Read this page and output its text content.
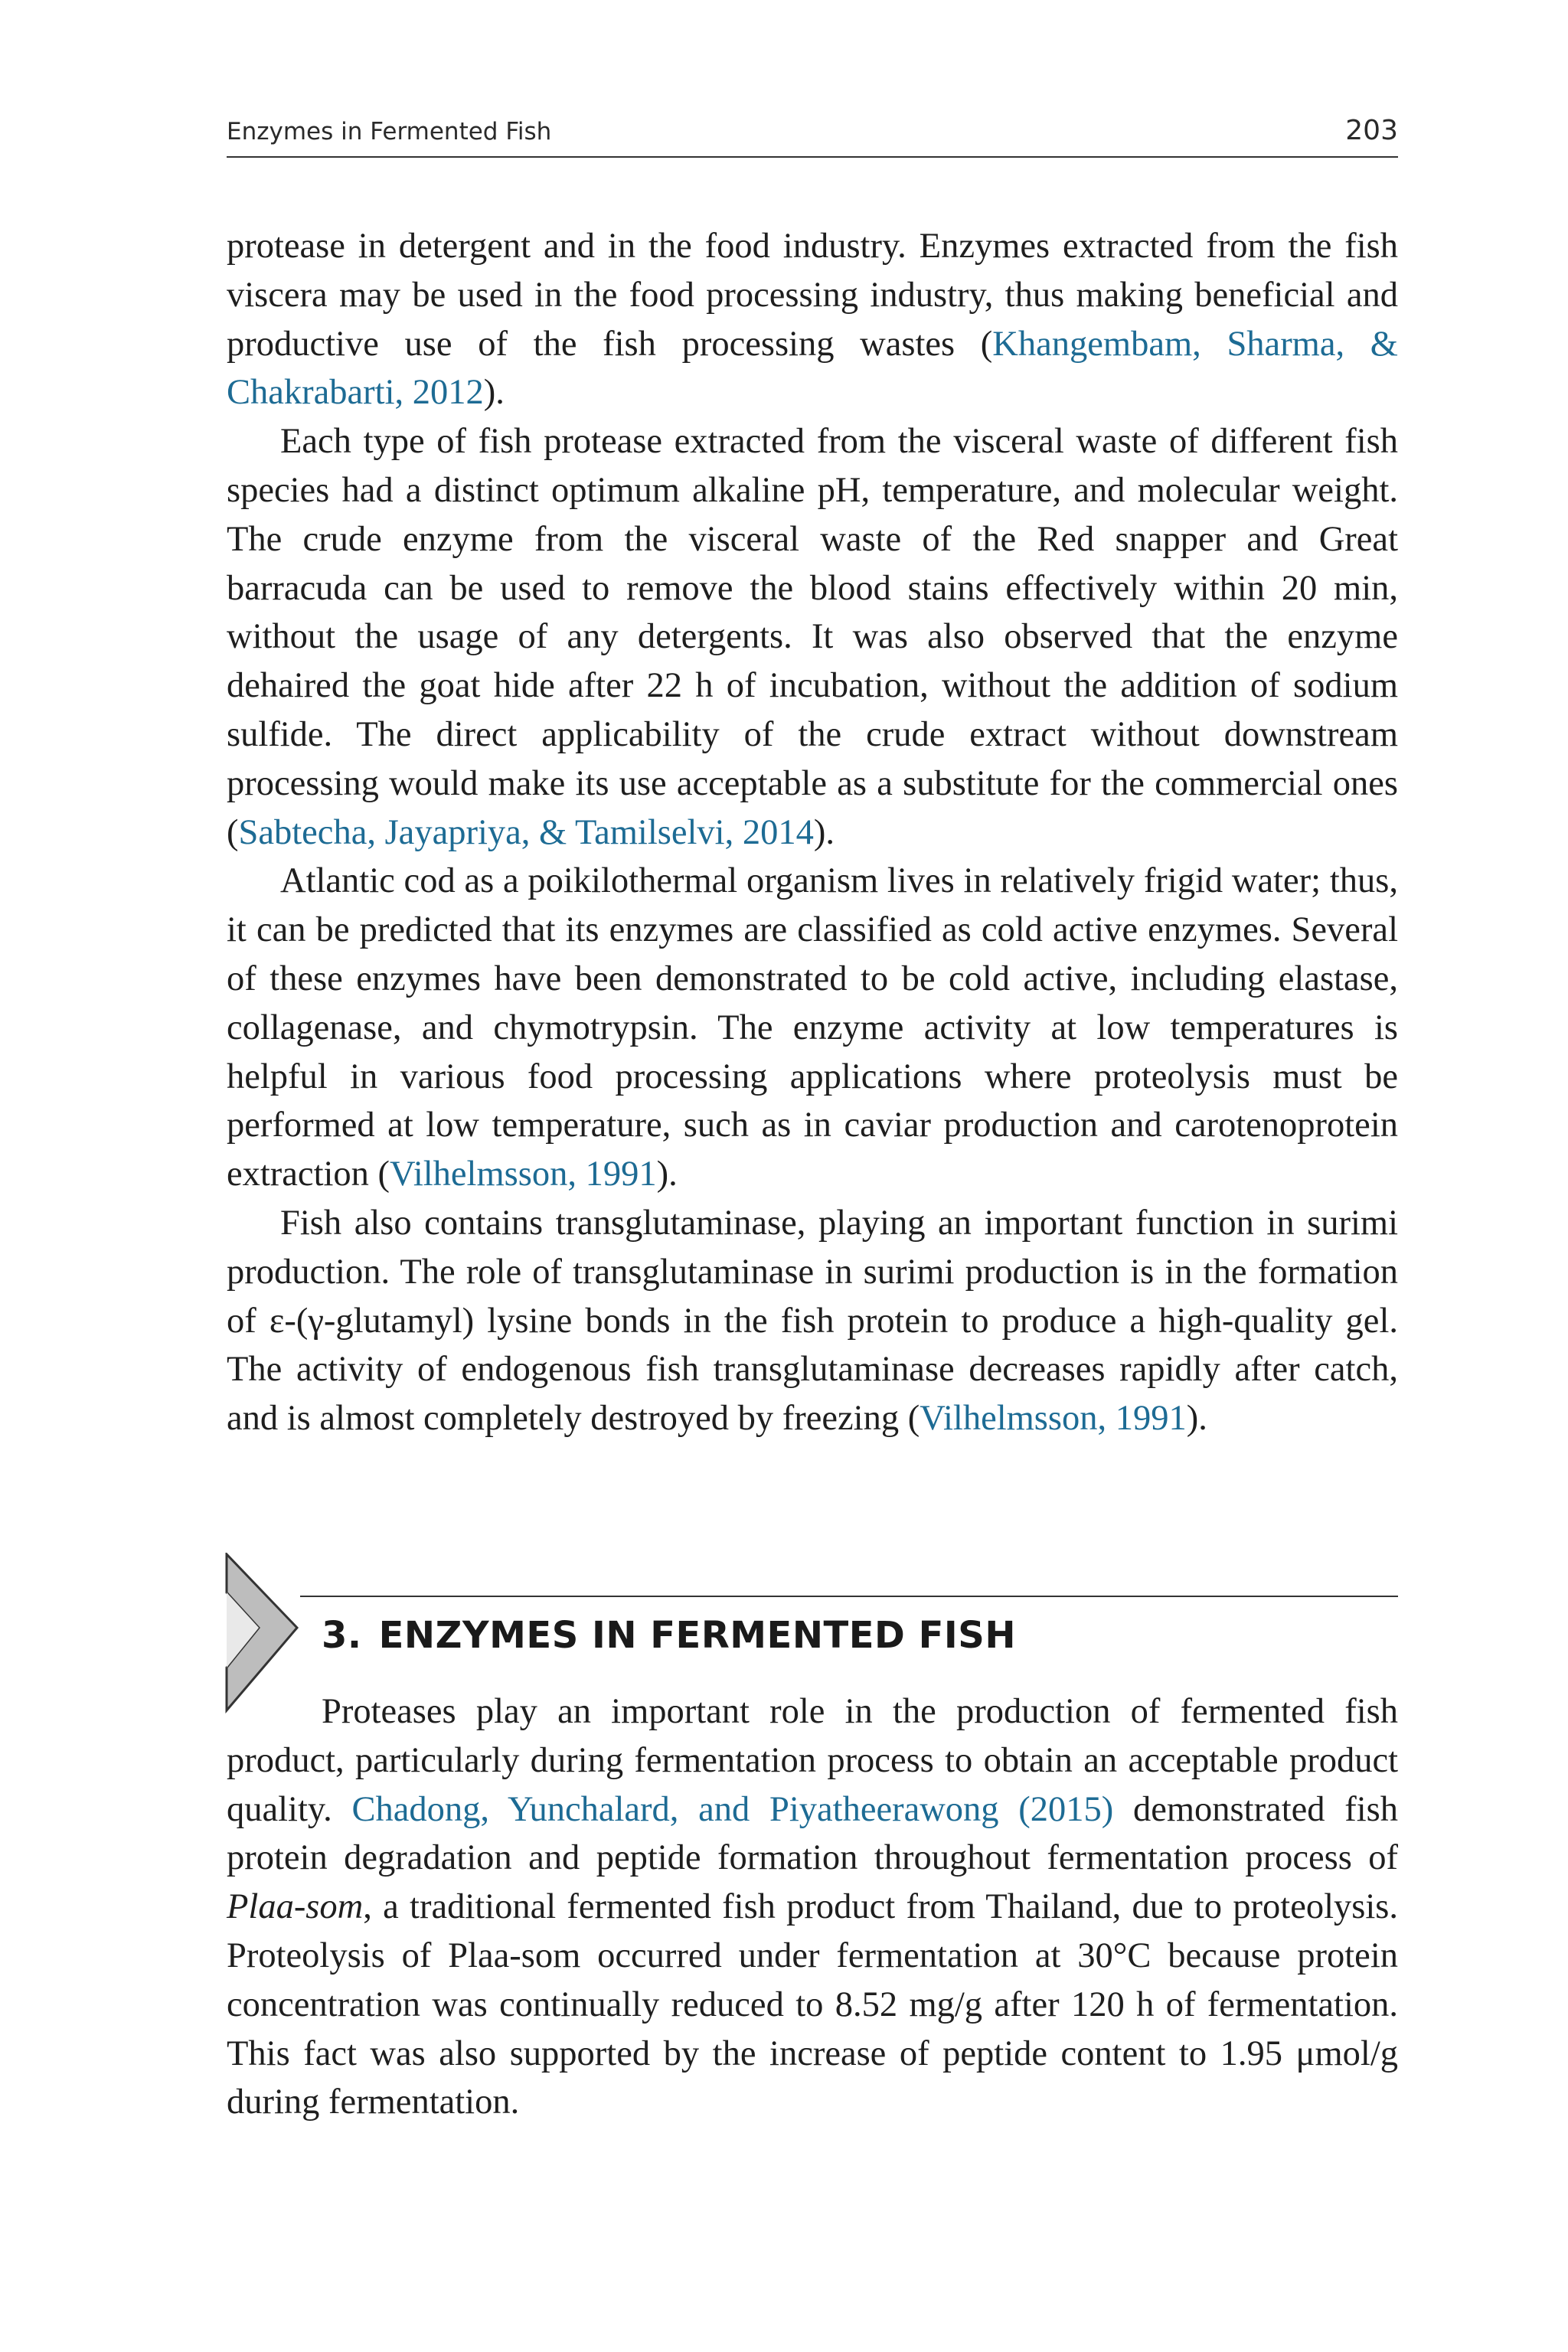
Enzymes in Fermented Fish	203

protease in detergent and in the food industry. Enzymes extracted from the fish viscera may be used in the food processing industry, thus making beneficial and productive use of the fish processing wastes (Khangembam, Sharma, & Chakrabarti, 2012).

Each type of fish protease extracted from the visceral waste of different fish species had a distinct optimum alkaline pH, temperature, and molecular weight. The crude enzyme from the visceral waste of the Red snapper and Great barracuda can be used to remove the blood stains effectively within 20 min, without the usage of any detergents. It was also observed that the enzyme dehaired the goat hide after 22 h of incubation, without the addition of sodium sulfide. The direct applicability of the crude extract without downstream processing would make its use acceptable as a substitute for the commercial ones (Sabtecha, Jayapriya, & Tamilselvi, 2014).

Atlantic cod as a poikilothermal organism lives in relatively frigid water; thus, it can be predicted that its enzymes are classified as cold active enzymes. Several of these enzymes have been demonstrated to be cold active, including elastase, collagenase, and chymotrypsin. The enzyme activity at low temperatures is helpful in various food processing applications where proteolysis must be performed at low temperature, such as in caviar production and carotenoprotein extraction (Vilhelmsson, 1991).

Fish also contains transglutaminase, playing an important function in surimi production. The role of transglutaminase in surimi production is in the formation of ε-(γ-glutamyl) lysine bonds in the fish protein to produce a high-quality gel. The activity of endogenous fish transglutaminase decreases rapidly after catch, and is almost completely destroyed by freezing (Vilhelmsson, 1991).

3. ENZYMES IN FERMENTED FISH

Proteases play an important role in the production of fermented fish product, particularly during fermentation process to obtain an acceptable product quality. Chadong, Yunchalard, and Piyatheerawong (2015) demonstrated fish protein degradation and peptide formation throughout fermentation process of Plaa-som, a traditional fermented fish product from Thailand, due to proteolysis. Proteolysis of Plaa-som occurred under fermentation at 30°C because protein concentration was continually reduced to 8.52 mg/g after 120 h of fermentation. This fact was also supported by the increase of peptide content to 1.95 μmol/g during fermentation.
